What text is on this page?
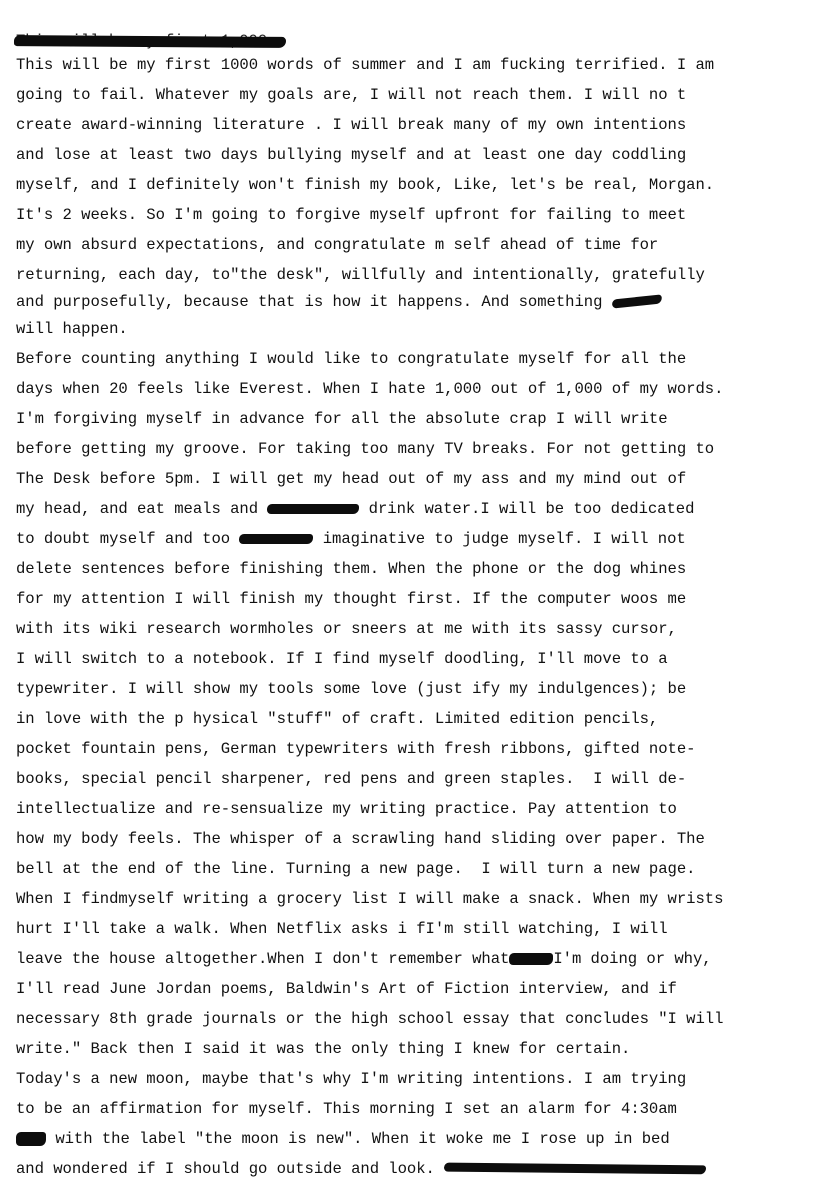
This will be my first 1000 words of summer and I am fucking terrified. I am
going to fail. Whatever my goals are, I will not reach them. I will no t
create award-winning literature . I will break many of my own intentions
and lose at least two days bullying myself and at least one day coddling
myself, and I definitely won't finish my book, Like, let's be real, Morgan.
It's 2 weeks. So I'm going to forgive myself upfront for failing to meet
my own absurd expectations, and congratulate m self ahead of time for
returning, each day, to"the desk", willfully and intentionally, gratefully
and purposefully, because that is how it happens. And something
will happen.
Before counting anything I would like to congratulate myself for all the
days when 20 feels like Everest. When I hate 1,000 out of 1,000 of my words.
I'm forgiving myself in advance for all the absolute crap I will write
before getting my groove. For taking too many TV breaks. For not getting to
The Desk before 5pm. I will get my head out of my ass and my mind out of
my head, and eat meals and	drink water.I will be too dedicated
to doubt myself and too	imaginative to judge myself. I will not
delete sentences before finishing them. When the phone or the dog whines
for my attention I will finish my thought first. If the computer woos me
with its wiki research wormholes or sneers at me with its sassy cursor,
I will switch to a notebook. If I find myself doodling, I'll move to a
typewriter. I will show my tools some love (just ify my indulgences); be
in love with the p hysical "stuff" of craft. Limited edition pencils,
pocket fountain pens, German typewriters with fresh ribbons, gifted note-
books, special pencil sharpener, red pens and green staples.  I will de-
intellectualize and re-sensualize my writing practice. Pay attention to
how my body feels. The whisper of a scrawling hand sliding over paper. The
bell at the end of the line. Turning a new page.  I will turn a new page.
When I findmyself writing a grocery list I will make a snack. When my wrists
hurt I'll take a walk. When Netflix asks i fI'm still watching, I will
leave the house altogether.When I don't remember what	I'm doing or why,
I'll read June Jordan poems, Baldwin's Art of Fiction interview, and if
necessary 8th grade journals or the high school essay that concludes "I will
write." Back then I said it was the only thing I knew for certain.
Today's a new moon, maybe that's why I'm writing intentions. I am trying
to be an affirmation for myself. This morning I set an alarm for 4:30am
with the label "the moon is new". When it woke me I rose up in bed
and wondered if I should go outside and look.
